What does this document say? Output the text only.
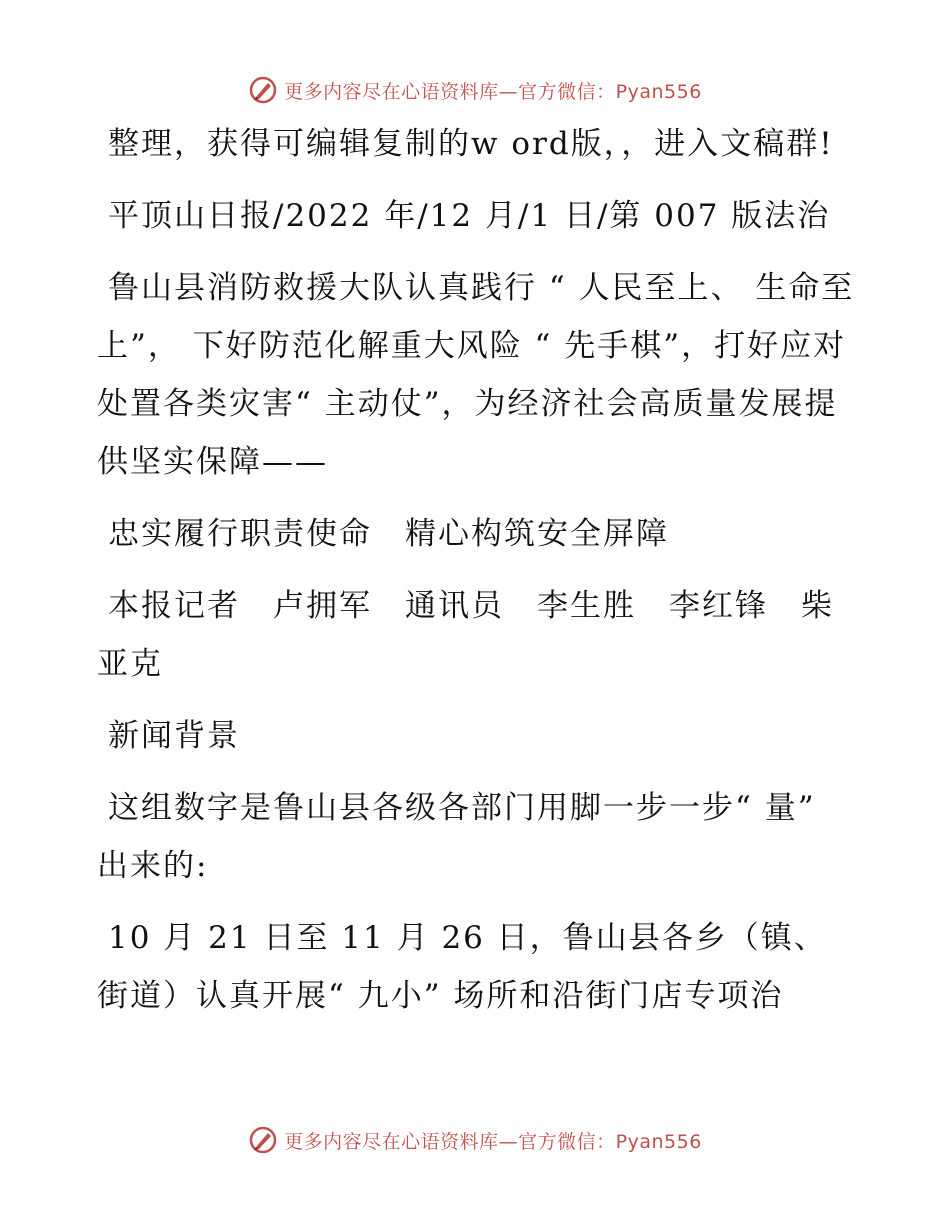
更多内容尽在心语资料库—官方微信：Pyan556

整理，获得可编辑复制的w ord版，，进入文稿群!

平顶山日报/2022 年/12 月/1 日/第 007 版法治

鲁山县消防救援大队认真践行 “ 人民至上、 生命至上”， 下好防范化解重大风险 “ 先手棋”，打好应对处置各类灾害“ 主动仗”，为经济社会高质量发展提供坚实保障——

忠实履行职责使命　精心构筑安全屏障

本报记者　卢拥军　通讯员　李生胜　李红锋　柴亚克

新闻背景

这组数字是鲁山县各级各部门用脚一步一步“ 量” 出来的:

10 月 21 日至 11 月 26 日，鲁山县各乡（镇、街道）认真开展“ 九小” 场所和沿街门店专项治

更多内容尽在心语资料库—官方微信：Pyan556
